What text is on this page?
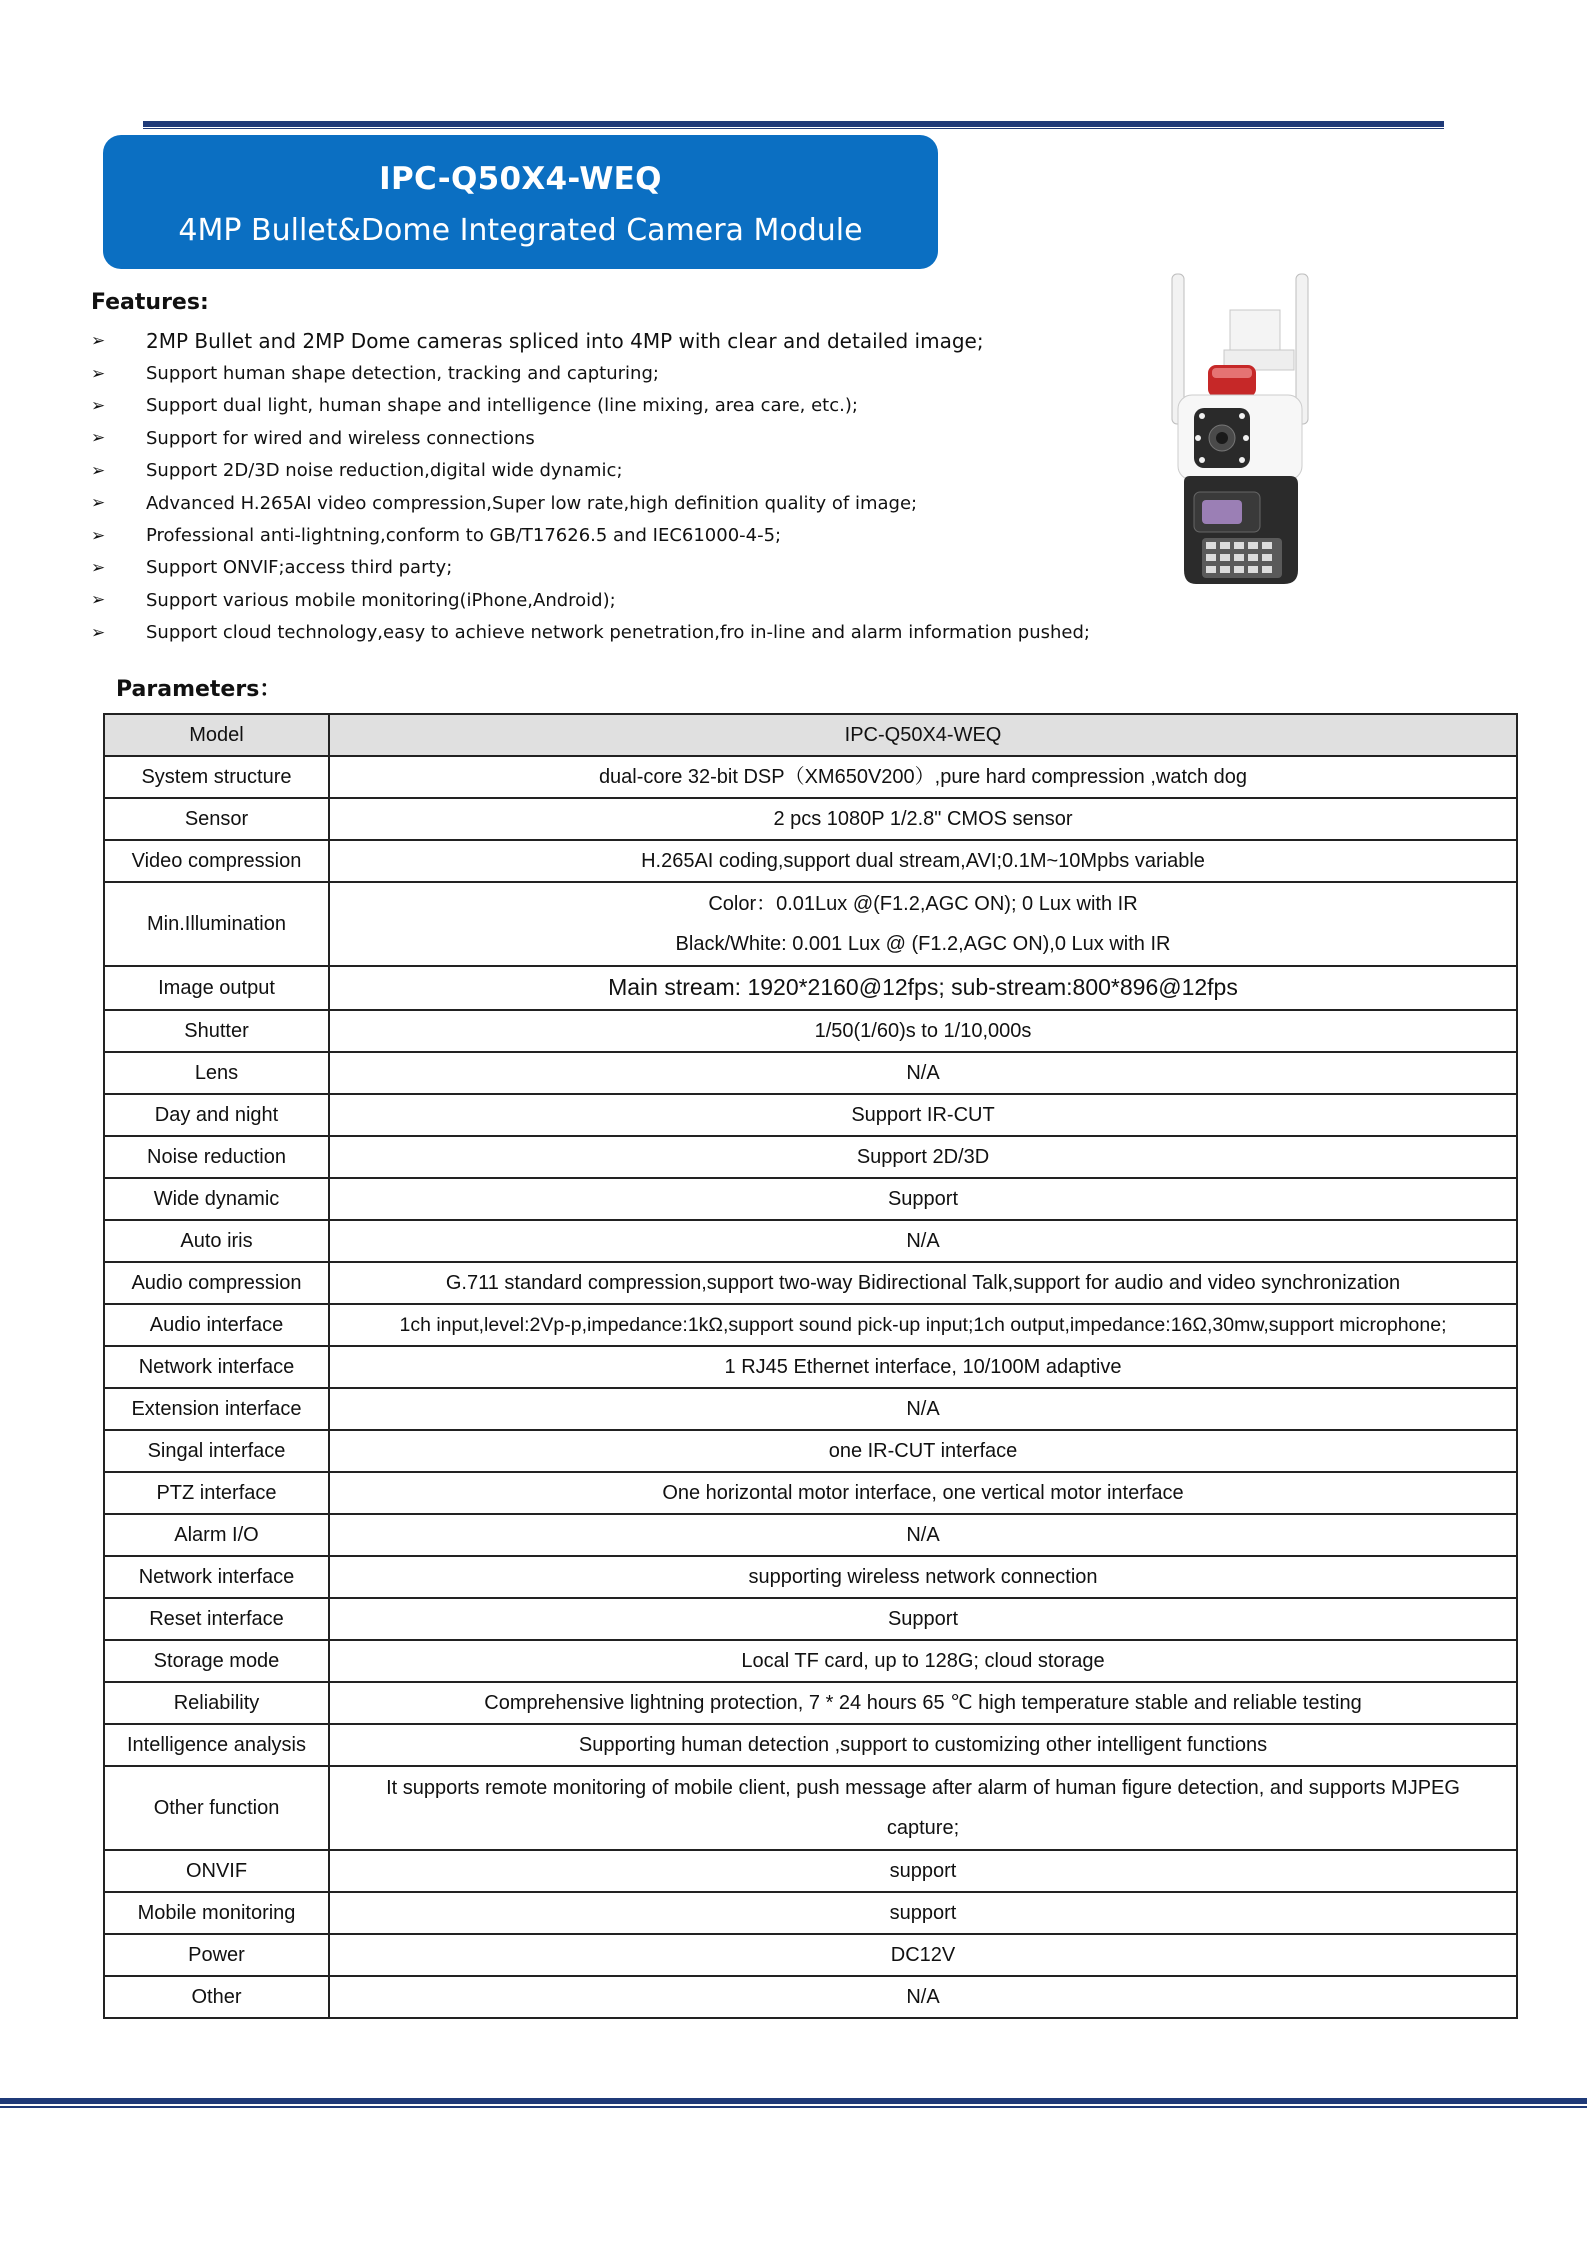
IPC-Q50X4-WEQ
4MP Bullet&Dome Integrated Camera Module
Features:
➢	2MP Bullet and 2MP Dome cameras spliced into 4MP with clear and detailed image;
➢	Support human shape detection, tracking and capturing;
➢	Support dual light, human shape and intelligence (line mixing, area care, etc.);
➢	Support for wired and wireless connections
➢	Support 2D/3D noise reduction,digital wide dynamic;
➢	Advanced H.265AI video compression,Super low rate,high definition quality of image;
➢	Professional anti-lightning,conform to GB/T17626.5 and IEC61000-4-5;
➢	Support ONVIF;access third party;
➢	Support various mobile monitoring(iPhone,Android);
➢	Support cloud technology,easy to achieve network penetration,fro in-line and alarm information pushed;
Parameters：
Model	IPC-Q50X4-WEQ
System structure	dual-core 32-bit DSP（XM650V200）,pure hard compression ,watch dog
Sensor	2 pcs 1080P 1/2.8" CMOS sensor
Video compression	H.265AI coding,support dual stream,AVI;0.1M~10Mpbs variable
Min.Illumination	Color：0.01Lux @(F1.2,AGC ON); 0 Lux with IR
Black/White: 0.001 Lux @ (F1.2,AGC ON),0 Lux with IR

Image output	Main stream: 1920*2160@12fps; sub-stream:800*896@12fps
Shutter	1/50(1/60)s to 1/10,000s
Lens	N/A
Day and night	Support IR-CUT
Noise reduction	Support 2D/3D
Wide dynamic	Support
Auto iris	N/A
Audio compression	G.711 standard compression,support two-way Bidirectional Talk,support for audio and video synchronization
Audio interface	1ch input,level:2Vp-p,impedance:1kΩ,support sound pick-up input;1ch output,impedance:16Ω,30mw,support microphone;
Network interface	1 RJ45 Ethernet interface, 10/100M adaptive
Extension interface	N/A
Singal interface	one IR-CUT interface
PTZ interface	One horizontal motor interface, one vertical motor interface
Alarm I/O	N/A
Network interface	supporting wireless network connection
Reset interface	Support
Storage mode	Local TF card, up to 128G; cloud storage
Reliability	Comprehensive lightning protection, 7 * 24 hours 65 ℃ high temperature stable and reliable testing
Intelligence analysis	Supporting human detection ,support to customizing other intelligent functions
Other function	It supports remote monitoring of mobile client, push message after alarm of human figure detection, and supports MJPEG
capture;

ONVIF	support
Mobile monitoring	support
Power	DC12V
Other	N/A
